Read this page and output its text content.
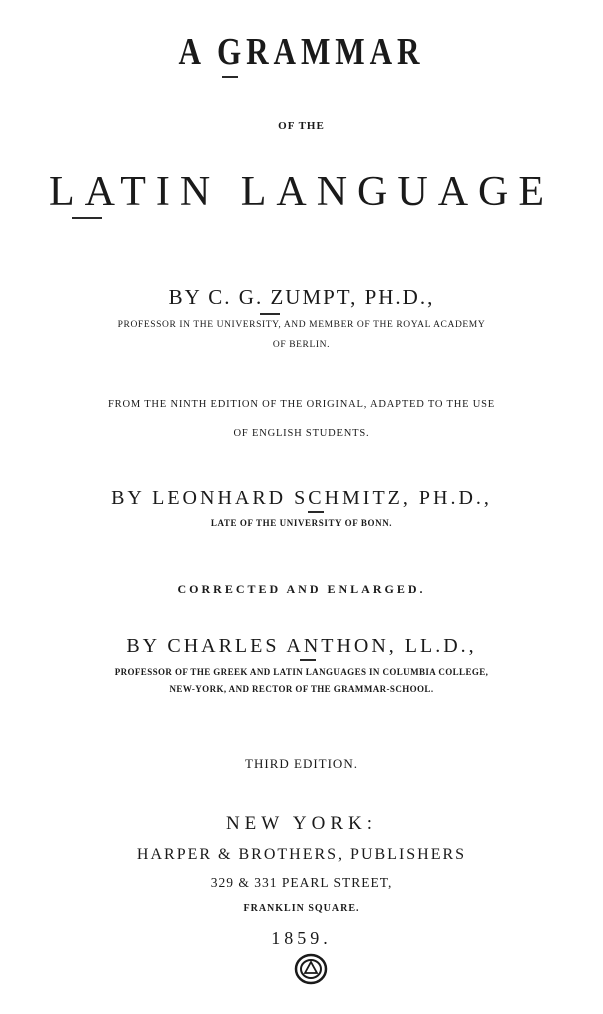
A GRAMMAR
OF THE
LATIN LANGUAGE
BY C. G. ZUMPT, PH.D.,
PROFESSOR IN THE UNIVERSITY, AND MEMBER OF THE ROYAL ACADEMY
OF BERLIN.
FROM THE NINTH EDITION OF THE ORIGINAL, ADAPTED TO THE USE
OF ENGLISH STUDENTS.
BY LEONHARD SCHMITZ, PH.D.,
LATE OF THE UNIVERSITY OF BONN.
CORRECTED AND ENLARGED.
BY CHARLES ANTHON, LL.D.,
PROFESSOR OF THE GREEK AND LATIN LANGUAGES IN COLUMBIA COLLEGE,
NEW-YORK, AND RECTOR OF THE GRAMMAR-SCHOOL.
THIRD EDITION.
NEW YORK:
HARPER & BROTHERS, PUBLISHERS
329 & 331 PEARL STREET,
FRANKLIN SQUARE.
1859.
